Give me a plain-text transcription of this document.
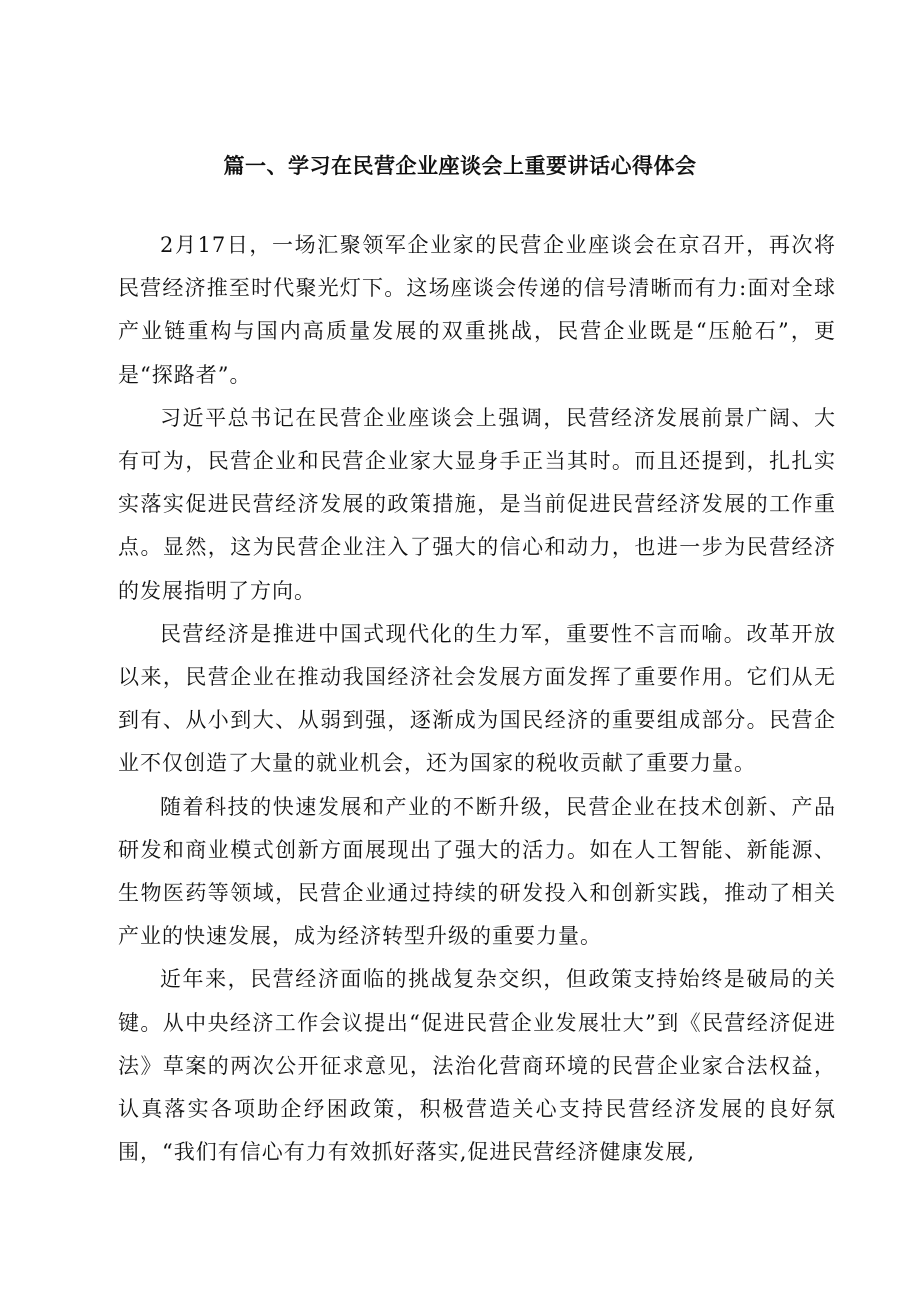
篇一、学习在民营企业座谈会上重要讲话心得体会

2月17日，一场汇聚领军企业家的民营企业座谈会在京召开，再次将民营经济推至时代聚光灯下。这场座谈会传递的信号清晰而有力:面对全球产业链重构与国内高质量发展的双重挑战，民营企业既是“压舱石”，更是“探路者”。

习近平总书记在民营企业座谈会上强调，民营经济发展前景广阔、大有可为，民营企业和民营企业家大显身手正当其时。而且还提到，扎扎实实落实促进民营经济发展的政策措施，是当前促进民营经济发展的工作重点。显然，这为民营企业注入了强大的信心和动力，也进一步为民营经济的发展指明了方向。

民营经济是推进中国式现代化的生力军，重要性不言而喻。改革开放以来，民营企业在推动我国经济社会发展方面发挥了重要作用。它们从无到有、从小到大、从弱到强，逐渐成为国民经济的重要组成部分。民营企业不仅创造了大量的就业机会，还为国家的税收贡献了重要力量。

随着科技的快速发展和产业的不断升级，民营企业在技术创新、产品研发和商业模式创新方面展现出了强大的活力。如在人工智能、新能源、生物医药等领域，民营企业通过持续的研发投入和创新实践，推动了相关产业的快速发展，成为经济转型升级的重要力量。

近年来，民营经济面临的挑战复杂交织，但政策支持始终是破局的关键。从中央经济工作会议提出“促进民营企业发展壮大”到《民营经济促进法》草案的两次公开征求意见，法治化营商环境的民营企业家合法权益，认真落实各项助企纾困政策，积极营造关心支持民营经济发展的良好氛围，“我们有信心有力有效抓好落实,促进民营经济健康发展,
